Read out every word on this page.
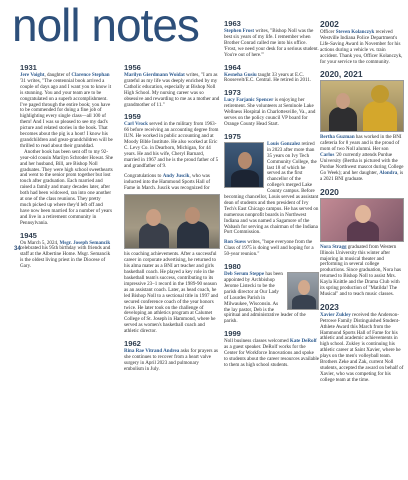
noll notes
34
1931
Jere Voight, daughter of Clarence Stephan '31 writes, "The centennial book arrived a couple of days ago and I want you to know it is stunning. You and your team are to be congratulated on a superb accomplishment. I've paged through the entire book; you have to be commended for doing a fine job of highlighting every single class—all 100 of them! And I was so pleased to see my dad's picture and related stories in the book. That becomes about the pig is a hoot! I know his grandchildren and great-grandchildren will be thrilled to read about their granddad.
Another book has been sent off to my 92-year-old cousin Marilyn Schroder Howat. She and her husband, Bill, are Bishop Noll graduates. They were high school sweethearts and went to the senior prom together but lost touch after graduation. Each married and raised a family and many decades later, after both had been widowed, ran into one another at one of the class reunions. They pretty much picked up where they'd left off and have now been married for a number of years and live in a retirement community in Pennsylvania.
1945
On March 5, 2024, Msgr. Joseph Semancik celebrated his 95th birthday with friends and staff at the Albertine Home. Msgr. Semancik is the oldest living priest in the Diocese of Gary.
1956
Marilyn Gierdmann Woidat writes, "I am as grateful as my life was deeply enriched by my Catholic education, especially at Bishop Noll High School. My nursing career was so obsessive and rewarding to me as a mother and grandmother of 11."
1959
Carl Vrock served in the military from 1963-66 before receiving an accounting degree from IUN. He worked in public accounting and at Moody Bible Institute. He also worked at Eric C. Levy Co. in Dearborn, Michigan, for 44 years. He and his wife, Cheryl Barnard, married in 1967 and he is the proud father of 5 and grandfather of 9.
Congratulations to Andy Juscik, who was inducted into the Hammond Sports Hall of Fame in March. Juscik was recognized for
his coaching achievements. After a successful career in corporate advertising, he returned to his alma mater as a BNI art teacher and girls basketball coach. He played a key role in the basketball team's success, contributing to its impressive 23–1 record in the 1989-90 season as an assistant coach. Later, as head coach, he led Bishop Noll to a sectional title in 1997 and secured conference coach of the year honors twice. He later took on the challenge of developing an athletics program at Calumet College of St. Joseph in Hammond, where he served as women's basketball coach and athletic director.
1962
Rina Rae Vitrand Andrea asks for prayers as she continues to recover from a heart valve surgery in April 2023 and pulmonary embolism in July.
1963
Stephen Frost writes, "Bishop Noll was the best six years of my life. I remember when Brother Conrad called me into his office. 'Frost, we need your desk for a serious student. You're out of here.'"
1964
Kesneha Gusiu taught 33 years at E.C. Roosevelt/E.C. Central. He retired in 2011.
1973
Lucy Farjanic Spencer is enjoying her retirement. She volunteers at Seminole Lake Wellness Hospital in Charlottesville, Va., and serves on the policy council VP board for Orange County Head Start.
1975
Louis Gonzalez retired in 2023 after more than 35 years on Ivy Tech Community College, the last 18 of which he served as the first chancellor of the college's merged Lake County campus. Before becoming chancellor, Louis served as assistant dean of students and then president of Ivy Tech's East Chicago campus. He has served on numerous nonprofit boards in Northwest Indiana and was named a Sagamore of the Wabash for serving as chairman of the Indiana Port Commission.
Ron Suess writes, "hope everyone from the Class of 1975 is doing well and hoping for a 50-year reunion."
1980
Deb Serum Steppe has been appointed by Archbishop Jerome Listecki to be the parish director at Our Lady of Lourdes Parish in Milwaukee, Wisconsin. As the lay pastor, Deb is the spiritual and administrative leader of the parish.
1999
Noll business classes welcomed Kate DeRolf as a guest speaker. DeRolf works for the Center for Workforce Innovations and spoke to students about the career resources available to them as high school students.
2002
Officer Steven Kolanczyk received Westville Indiana Police Department's Life-Saving Award in November for his actions during a vehicle vs. train accident. Thank you, Officer Kolanczyk, for your service to the community.
2020, 2021
Bertha Guzman has worked in the BNI cafeteria for 8 years and is the proud of mom of two Noll alumni. Her son Carlos '20 currently attends Purdue University (Bertha is pictured with the Purdue Northwest mascot during College Go Week); and her daughter, Alondra, is a 2021 BNI graduate.
2020
Nora Stragg graduated from Western Illinois University this winter after majoring in musical theater and performing in several college productions. Since graduation, Nora has returned to Bishop Noll to assist Mrs. Kayla Knittle and the Drama Club with its spring production of "Matilda! The Musical" and to teach music classes.
2023
Xavier Zukley received the Anderson-Petrowe Family Distinguished Student-Athlete Award this March from the Hammond Sports Hall of Fame for his athletic and academic achievements in high school. Zukley is continuing his athletic career at Saint Xavier, where he plays on the men's volleyball team. Brothers Zeke and Zak, current Noll students, accepted the award on behalf of Xavier, who was competing for his college team at the time.
